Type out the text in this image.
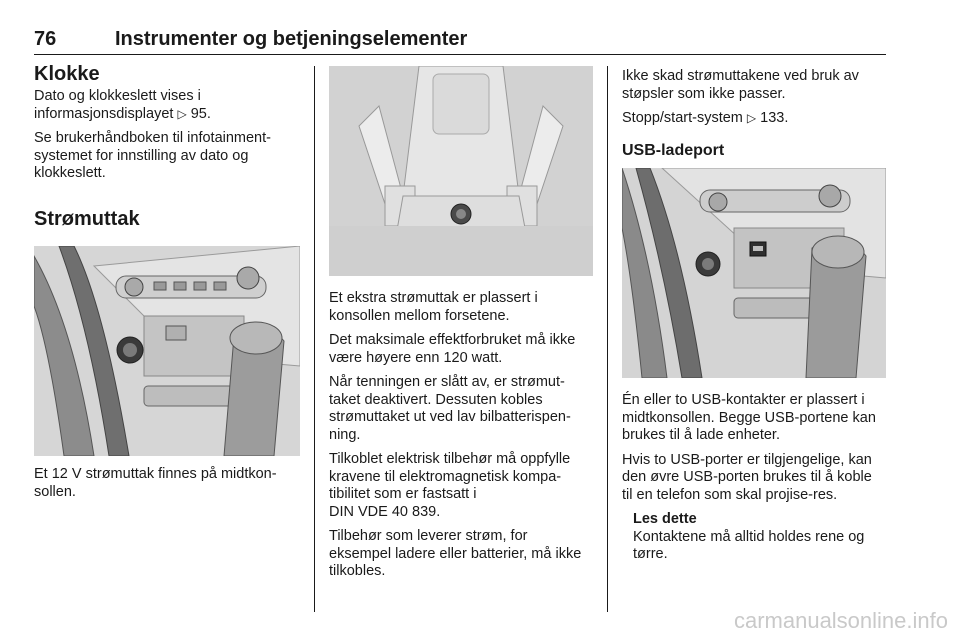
76	Instrumenter og betjeningselementer
Klokke

Dato og klokkeslett vises i informasjonsdisplayet ▷ 95.

Se brukerhåndboken til infotainment-systemet for innstilling av dato og klokkeslett.

Strømuttak

Et 12 V strømuttak finnes på midtkon-sollen.

Et ekstra strømuttak er plassert i konsollen mellom forsetene.

Det maksimale effektforbruket må ikke være høyere enn 120 watt.

Når tenningen er slått av, er strømut-taket deaktivert. Dessuten kobles strømuttaket ut ved lav bilbatterispen-ning.

Tilkoblet elektrisk tilbehør må oppfylle kravene til elektromagnetisk kompa-tibilitet som er fastsatt i
DIN VDE 40 839.

Tilbehør som leverer strøm, for eksempel ladere eller batterier, må ikke tilkobles.

Ikke skad strømuttakene ved bruk av støpsler som ikke passer.

Stopp/start-system ▷ 133.

USB-ladeport

Én eller to USB-kontakter er plassert i midtkonsollen. Begge USB-portene kan brukes til å lade enheter.

Hvis to USB-porter er tilgjengelige, kan den øvre USB-porten brukes til å koble til en telefon som skal projise-res.

Les dette
Kontaktene må alltid holdes rene og tørre.
carmanualsonline.info
